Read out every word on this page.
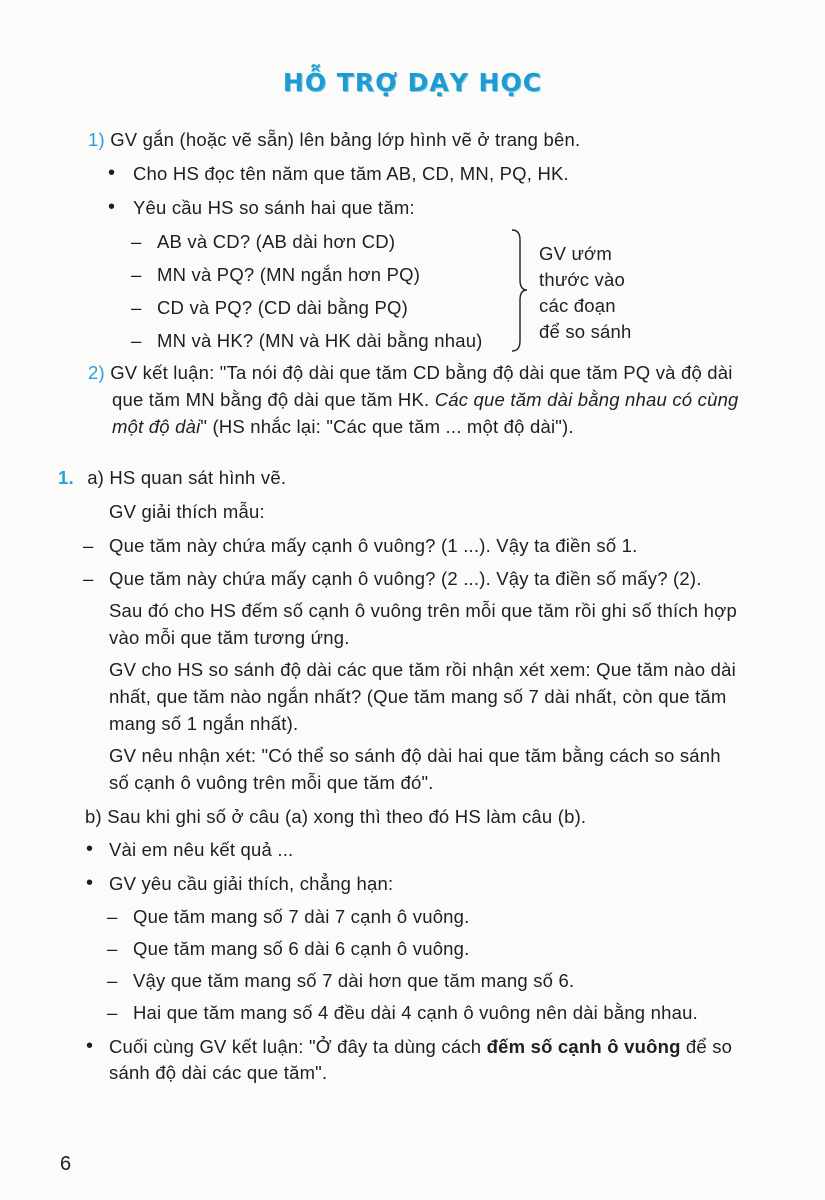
HỖ TRỢ DẠY HỌC
1) GV gắn (hoặc vẽ sẵn) lên bảng lớp hình vẽ ở trang bên.
• Cho HS đọc tên năm que tăm AB, CD, MN, PQ, HK.
• Yêu cầu HS so sánh hai que tăm:
– AB và CD? (AB dài hơn CD)
– MN và PQ? (MN ngắn hơn PQ)
– CD và PQ? (CD dài bằng PQ)
– MN và HK? (MN và HK dài bằng nhau)
GV ướm
thước vào
các đoạn
để so sánh
2) GV kết luận: "Ta nói độ dài que tăm CD bằng độ dài que tăm PQ và độ dài
que tăm MN bằng độ dài que tăm HK. Các que tăm dài bằng nhau có cùng
một độ dài" (HS nhắc lại: "Các que tăm ... một độ dài").
1. a) HS quan sát hình vẽ.
GV giải thích mẫu:
– Que tăm này chứa mấy cạnh ô vuông? (1 ...). Vậy ta điền số 1.
– Que tăm này chứa mấy cạnh ô vuông? (2 ...). Vậy ta điền số mấy? (2).
Sau đó cho HS đếm số cạnh ô vuông trên mỗi que tăm rồi ghi số thích hợp
vào mỗi que tăm tương ứng.
GV cho HS so sánh độ dài các que tăm rồi nhận xét xem: Que tăm nào dài
nhất, que tăm nào ngắn nhất? (Que tăm mang số 7 dài nhất, còn que tăm
mang số 1 ngắn nhất).
GV nêu nhận xét: "Có thể so sánh độ dài hai que tăm bằng cách so sánh
số cạnh ô vuông trên mỗi que tăm đó".
b) Sau khi ghi số ở câu (a) xong thì theo đó HS làm câu (b).
• Vài em nêu kết quả ...
• GV yêu cầu giải thích, chẳng hạn:
– Que tăm mang số 7 dài 7 cạnh ô vuông.
– Que tăm mang số 6 dài 6 cạnh ô vuông.
– Vậy que tăm mang số 7 dài hơn que tăm mang số 6.
– Hai que tăm mang số 4 đều dài 4 cạnh ô vuông nên dài bằng nhau.
• Cuối cùng GV kết luận: "Ở đây ta dùng cách đếm số cạnh ô vuông để so
sánh độ dài các que tăm".
6
